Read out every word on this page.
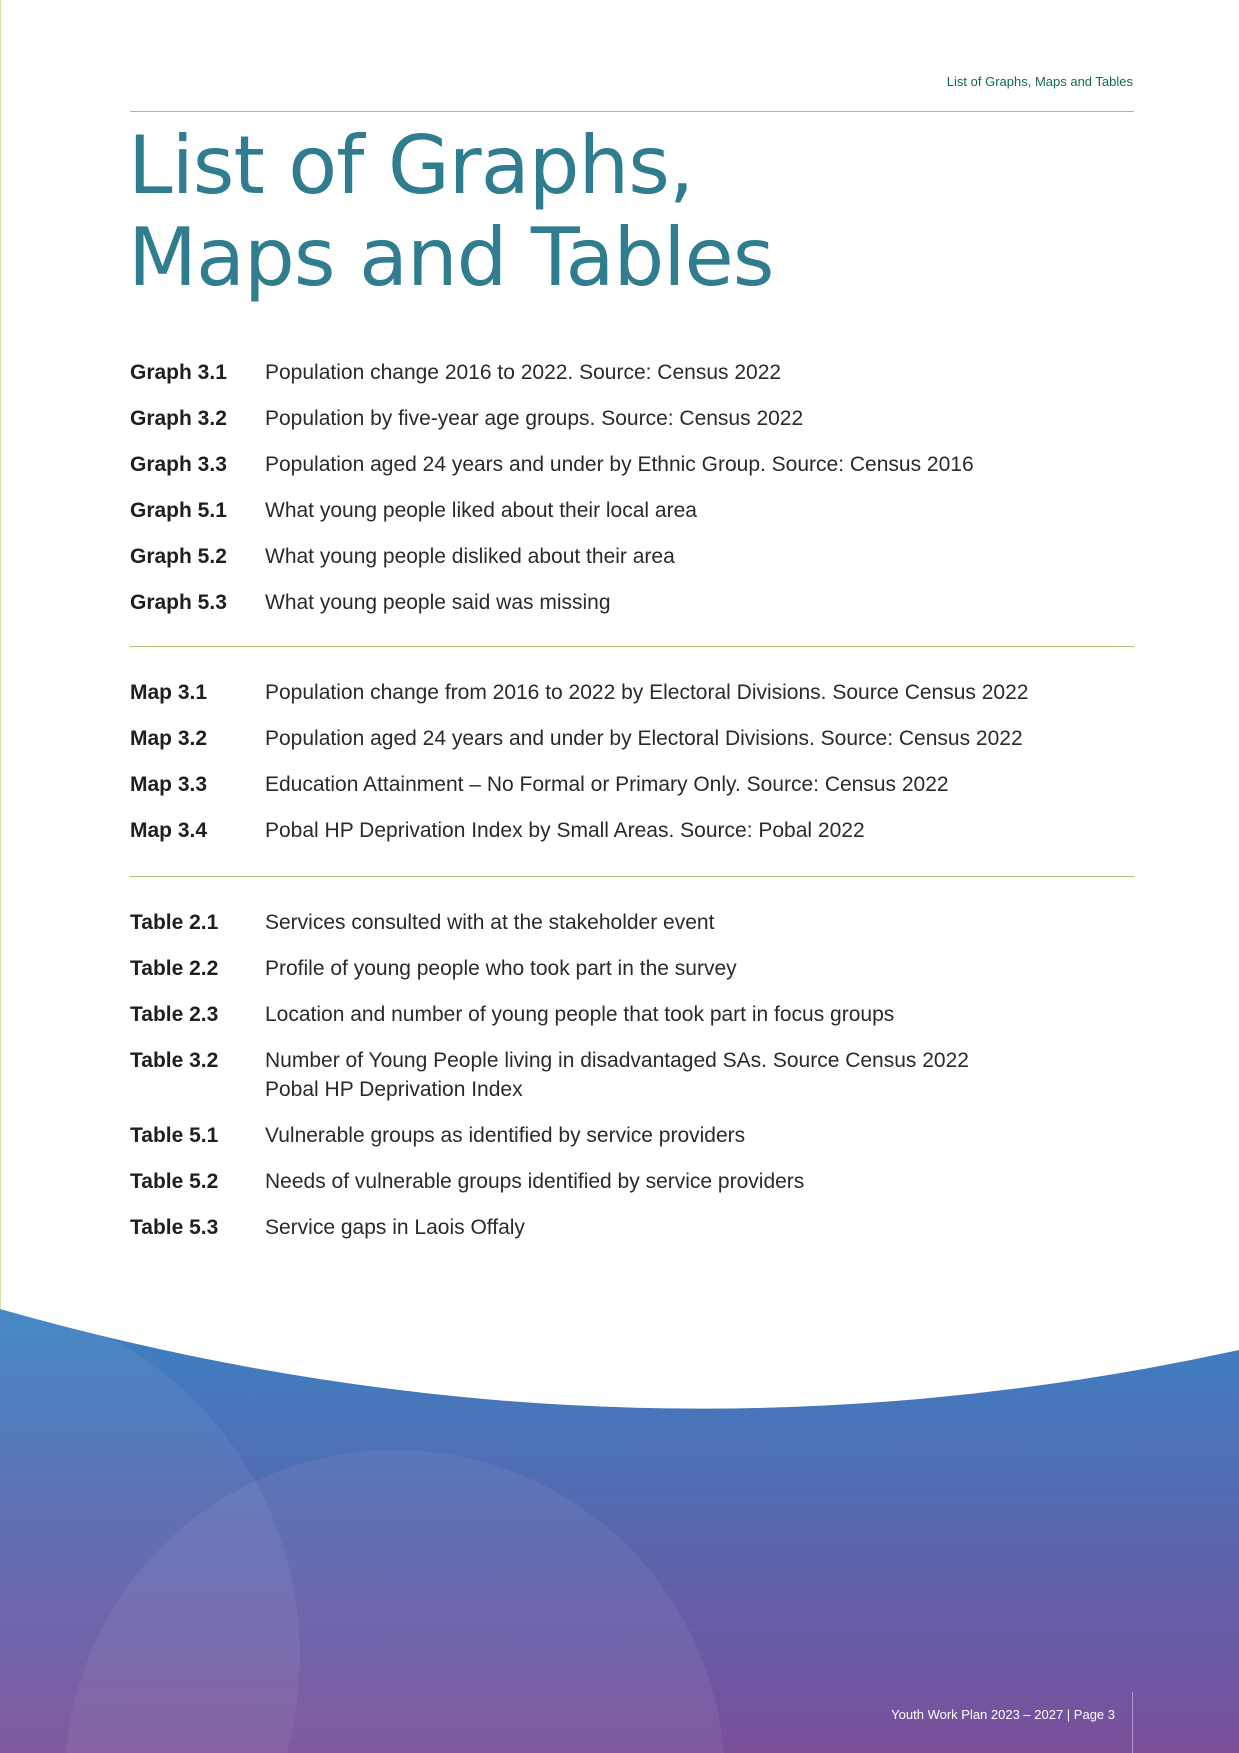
List of Graphs, Maps and Tables
List of Graphs,
Maps and Tables
Graph 3.1	Population change 2016 to 2022. Source: Census 2022
Graph 3.2	Population by five-year age groups. Source: Census 2022
Graph 3.3	Population aged 24 years and under by Ethnic Group. Source: Census 2016
Graph 5.1	What young people liked about their local area
Graph 5.2	What young people disliked about their area
Graph 5.3	What young people said was missing
Map 3.1	Population change from 2016 to 2022 by Electoral Divisions. Source Census 2022
Map 3.2	Population aged 24 years and under by Electoral Divisions. Source: Census 2022
Map 3.3	Education Attainment – No Formal or Primary Only. Source: Census 2022
Map 3.4	Pobal HP Deprivation Index by Small Areas. Source: Pobal 2022
Table 2.1	Services consulted with at the stakeholder event
Table 2.2	Profile of young people who took part in the survey
Table 2.3	Location and number of young people that took part in focus groups
Table 3.2	Number of Young People living in disadvantaged SAs. Source Census 2022
Pobal HP Deprivation Index
Table 5.1	Vulnerable groups as identified by service providers
Table 5.2	Needs of vulnerable groups identified by service providers
Table 5.3	Service gaps in Laois Offaly
Youth Work Plan 2023 – 2027 | Page 3
